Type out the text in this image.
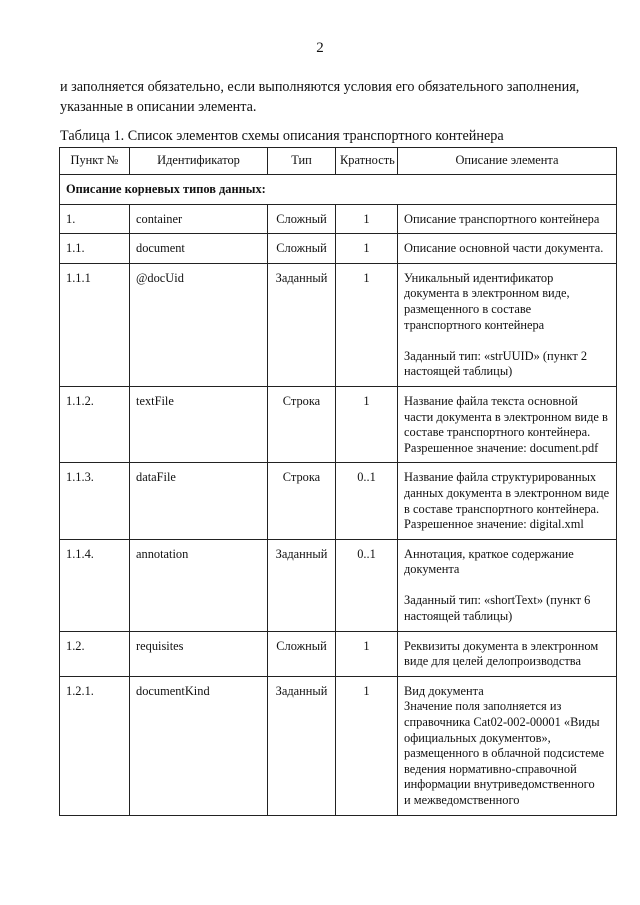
2

и заполняется обязательно, если выполняются условия его обязательного заполнения, указанные в описании элемента.

Таблица 1. Список элементов схемы описания транспортного контейнера

Пункт №	Идентификатор	Тип	Кратность	Описание элемента
Описание корневых типов данных:				
1.	container	Сложный	1	Описание транспортного контейнера

1.1.	document	Сложный	1	Описание основной части документа.

1.1.1	@docUid	Заданный	1	Уникальный идентификатор документа в электронном виде, размещенного в составе транспортного контейнера
Заданный тип: «strUUID» (пункт 2 настоящей таблицы)

1.1.2.	textFile	Строка	1	Название файла текста основной части документа в электронном виде в составе транспортного контейнера.
Разрешенное значение: document.pdf

1.1.3.	dataFile	Строка	0..1	Название файла структурированных данных документа в электронном виде в составе транспортного контейнера.
Разрешенное значение: digital.xml

1.1.4.	annotation	Заданный	0..1	Аннотация, краткое содержание документа
Заданный тип: «shortText» (пункт 6 настоящей таблицы)

1.2.	requisites	Сложный	1	Реквизиты документа в электронном виде для целей делопроизводства

1.2.1.	documentKind	Заданный	1	Вид документа
Значение поля заполняется из справочника Cat02-002-00001 «Виды официальных документов», размещенного в облачной подсистеме ведения нормативно-справочной информации внутриведомственного
и межведомственного
